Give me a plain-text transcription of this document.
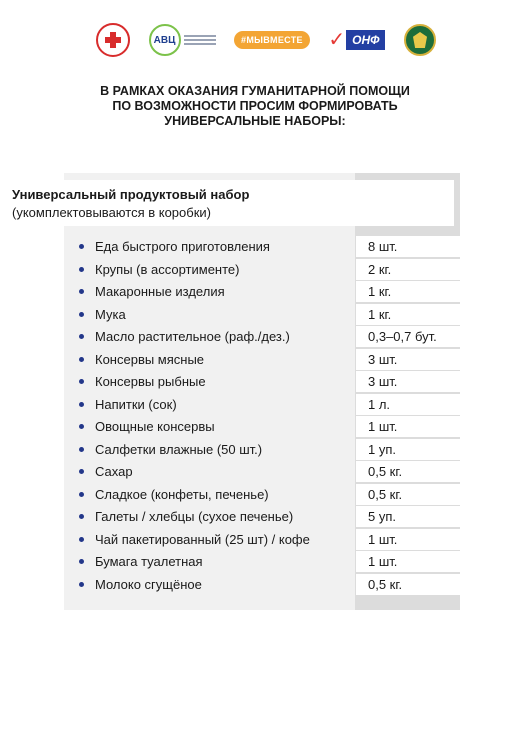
АВЦ	#МЫВМЕСТЕ	✓ ОНФ
В РАМКАХ ОКАЗАНИЯ ГУМАНИТАРНОЙ ПОМОЩИ
ПО ВОЗМОЖНОСТИ ПРОСИМ ФОРМИРОВАТЬ
УНИВЕРСАЛЬНЫЕ НАБОРЫ:
Универсальный продуктовый набор
(укомплектовываются в коробки)
Еда быстрого приготовления	8 шт.
Крупы (в ассортименте)	2 кг.
Макаронные изделия	1 кг.
Мука	1 кг.
Масло растительное (раф./дез.)	0,3–0,7 бут.
Консервы мясные	3 шт.
Консервы рыбные	3 шт.
Напитки (сок)	1 л.
Овощные консервы	1 шт.
Салфетки влажные (50 шт.)	1 уп.
Сахар	0,5 кг.
Сладкое (конфеты, печенье)	0,5 кг.
Галеты / хлебцы (сухое печенье)	5 уп.
Чай пакетированный (25 шт) / кофе	1 шт.
Бумага туалетная	1 шт.
Молоко сгущёное	0,5 кг.
